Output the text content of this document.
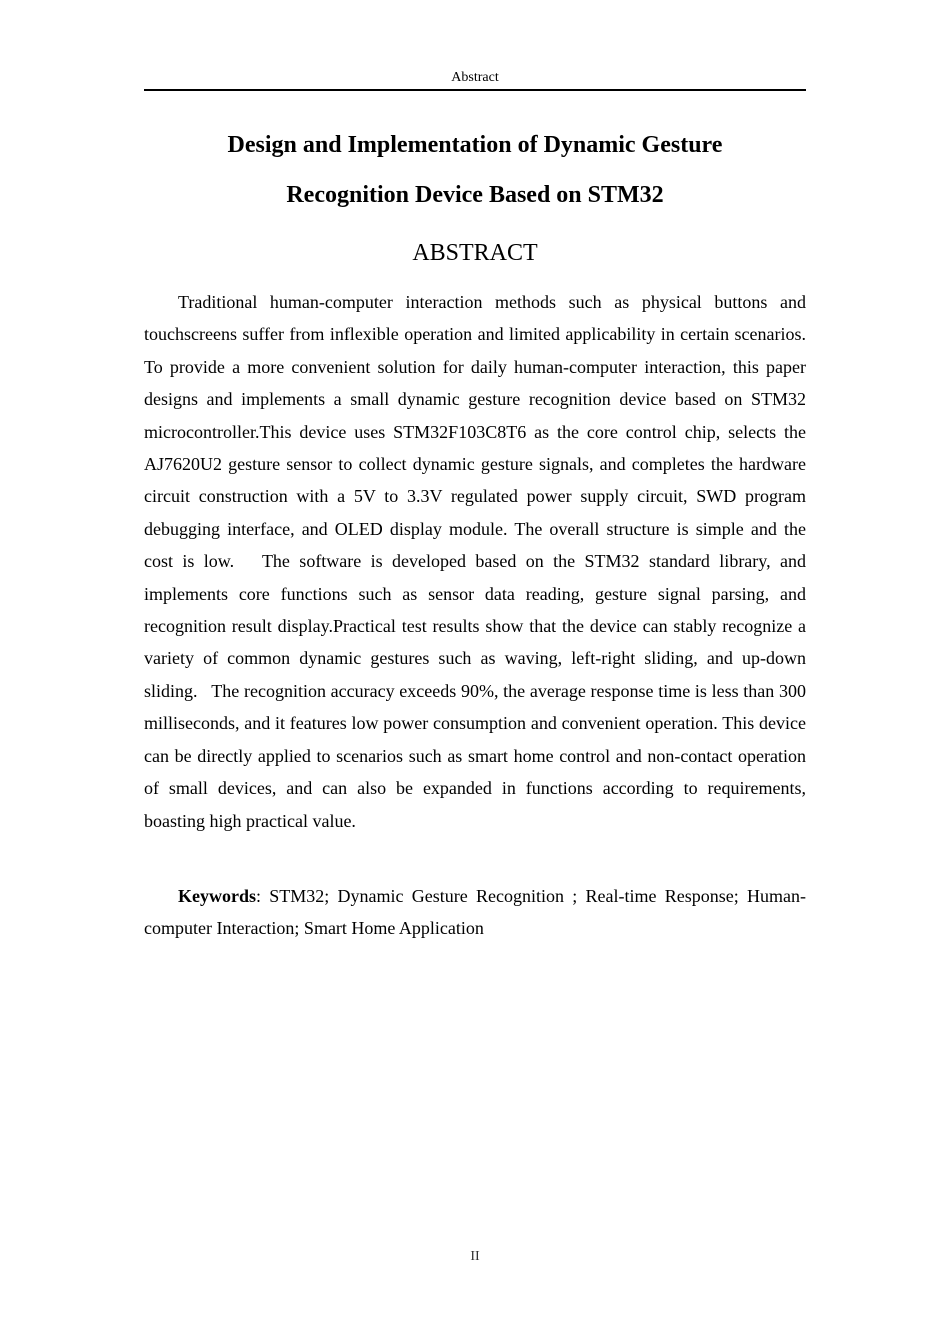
Abstract
Design and Implementation of Dynamic Gesture
Recognition Device Based on STM32
ABSTRACT

Traditional human-computer interaction methods such as physical buttons and touchscreens suffer from inflexible operation and limited applicability in certain scenarios. To provide a more convenient solution for daily human-computer interaction, this paper designs and implements a small dynamic gesture recognition device based on STM32 microcontroller.This device uses STM32F103C8T6 as the core control chip, selects the AJ7620U2 gesture sensor to collect dynamic gesture signals, and completes the hardware circuit construction with a 5V to 3.3V regulated power supply circuit, SWD program debugging interface, and OLED display module. The overall structure is simple and the cost is low.   The software is developed based on the STM32 standard library, and implements core functions such as sensor data reading, gesture signal parsing, and recognition result display.Practical test results show that the device can stably recognize a variety of common dynamic gestures such as waving, left-right sliding, and up-down sliding.   The recognition accuracy exceeds 90%, the average response time is less than 300 milliseconds, and it features low power consumption and convenient operation. This device can be directly applied to scenarios such as smart home control and non-contact operation of small devices, and can also be expanded in functions according to requirements, boasting high practical value.

Keywords: STM32; Dynamic Gesture Recognition ; Real-time Response; Human-computer Interaction; Smart Home Application

II
